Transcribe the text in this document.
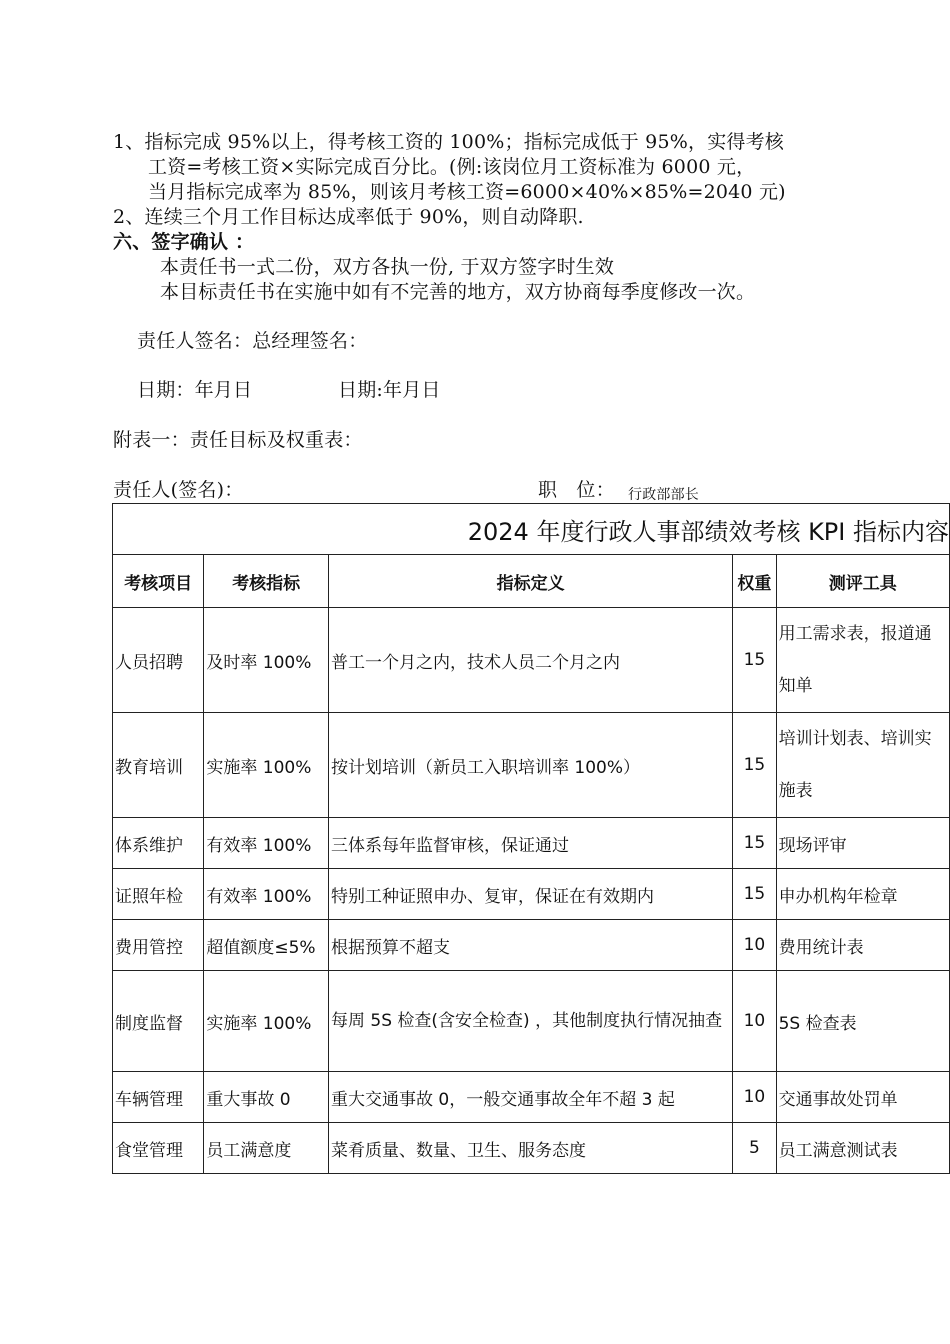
1、指标完成 95%以上，得考核工资的 100%；指标完成低于 95%，实得考核
工资=考核工资×实际完成百分比。(例:该岗位月工资标准为 6000 元，
当月指标完成率为 85%，则该月考核工资=6000×40%×85%=2040 元)
2、连续三个月工作目标达成率低于 90%，则自动降职.
六、签字确认 ：
本责任书一式二份，双方各执一份, 于双方签字时生效
本目标责任书在实施中如有不完善的地方，双方协商每季度修改一次。
责任人签名：总经理签名：
日期：年月日	日期:年月日
附表一：责任目标及权重表：
责任人(签名)：	职　位： 行政部部长
2024 年度行政人事部绩效考核 KPI 指标内容				
考核项目	考核指标	指标定义	权重	测评工具
人员招聘	及时率 100%	普工一个月之内，技术人员二个月之内	15	用工需求表，报道通知单
教育培训	实施率 100%	按计划培训（新员工入职培训率 100%）	15	培训计划表、培训实施表
体系维护	有效率 100%	三体系每年监督审核，保证通过	15	现场评审
证照年检	有效率 100%	特别工种证照申办、复审，保证在有效期内	15	申办机构年检章
费用管控	超值额度≤5%	根据预算不超支	10	费用统计表
制度监督	实施率 100%	每周 5S 检查(含安全检查) ，其他制度执行情况抽查	10	5S 检查表
车辆管理	重大事故 0	重大交通事故 0，一般交通事故全年不超 3 起	10	交通事故处罚单
食堂管理	员工满意度	菜肴质量、数量、卫生、服务态度	5	员工满意测试表
